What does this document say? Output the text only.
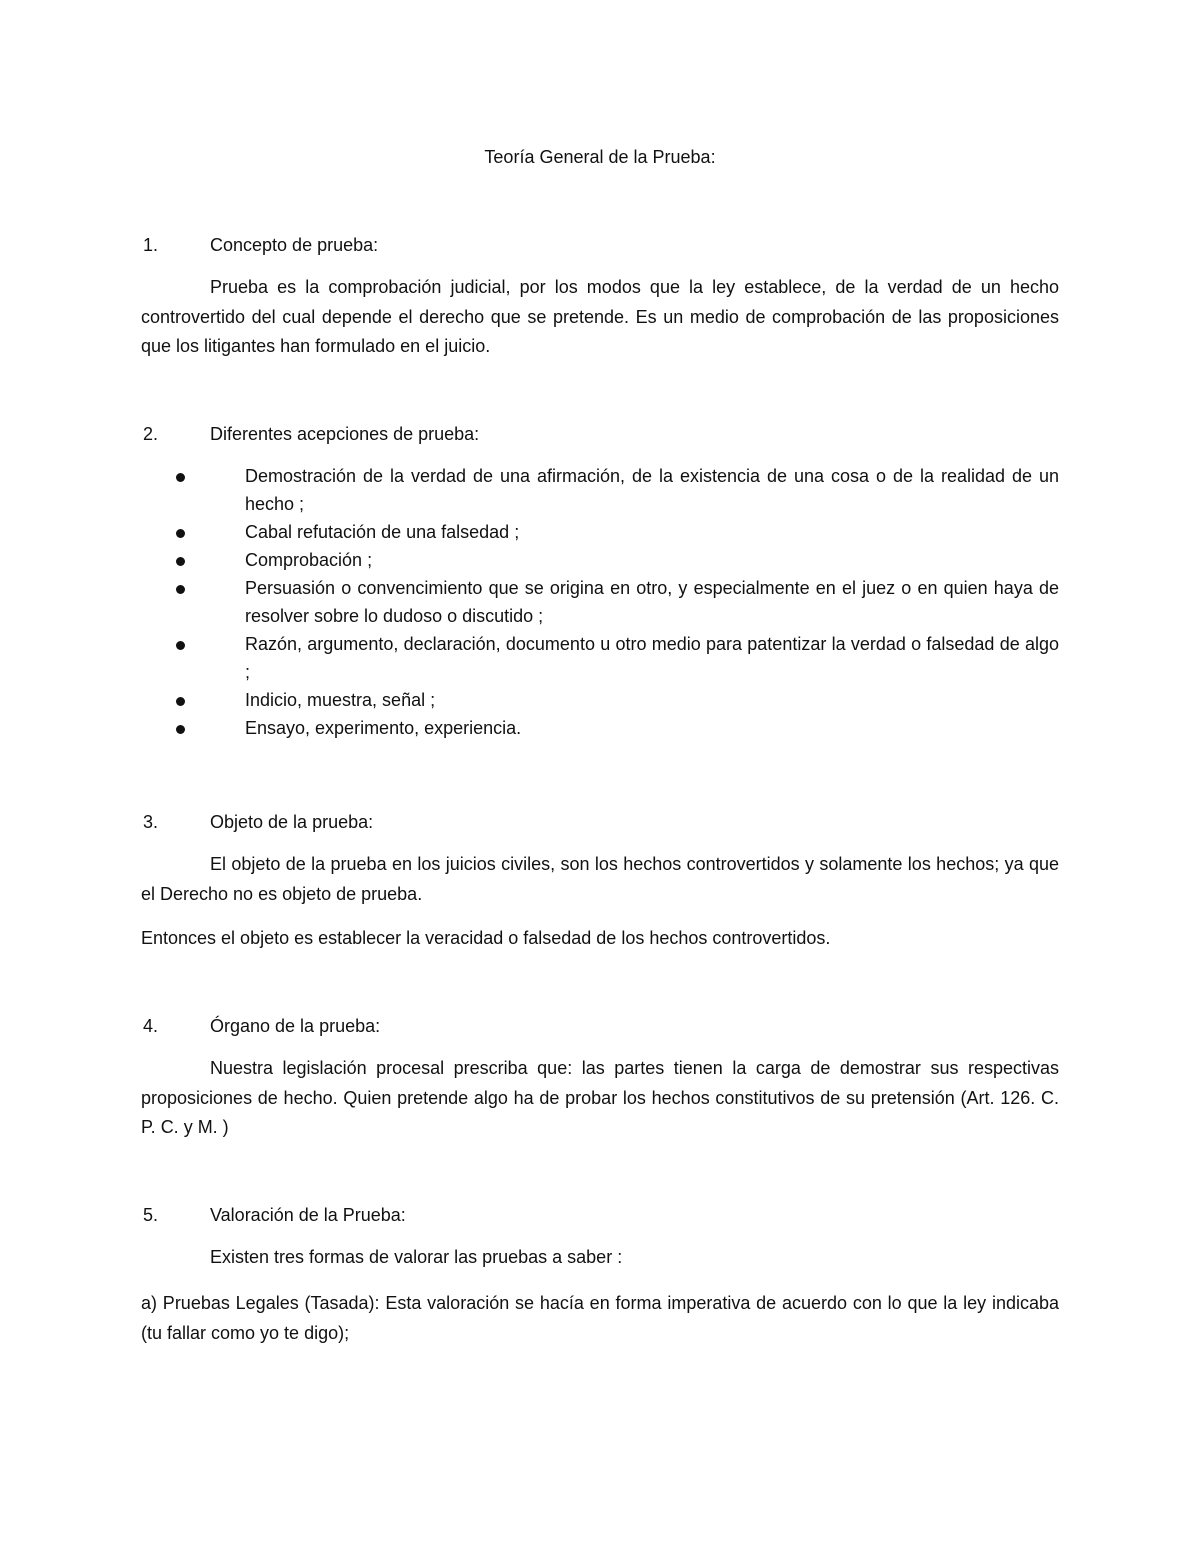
Teoría General de la Prueba:
1.	Concepto de prueba:

Prueba es la comprobación judicial, por los modos que la ley establece, de la verdad de un hecho controvertido del cual depende el derecho que se pretende. Es un medio de comprobación de las proposiciones que los litigantes han formulado en el juicio.

2.	Diferentes acepciones de prueba:
Demostración de la verdad de una afirmación, de la existencia de una cosa o de la realidad de un hecho ;
Cabal refutación de una falsedad ;
Comprobación ;
Persuasión o convencimiento que se origina en otro, y especialmente en el juez o en quien haya de resolver sobre lo dudoso o discutido ;
Razón, argumento, declaración, documento u otro medio para patentizar la verdad o falsedad de algo ;
Indicio, muestra, señal ;
Ensayo, experimento, experiencia.
3.	Objeto de la prueba:

El objeto de la prueba en los juicios civiles, son los hechos controvertidos y solamente los hechos; ya que el Derecho no es objeto de prueba.

Entonces el objeto es establecer la veracidad o falsedad de los hechos controvertidos.

4.	Órgano de la prueba:

Nuestra legislación procesal prescriba que: las partes tienen la carga de demostrar sus respectivas proposiciones de hecho. Quien pretende algo ha de probar los hechos constitutivos de su pretensión (Art. 126. C. P. C. y M. )

5.	Valoración de la Prueba:

Existen tres formas de valorar las pruebas a saber :

a) Pruebas Legales (Tasada): Esta valoración se hacía en forma imperativa de acuerdo con lo que la ley indicaba (tu fallar como yo te digo);
